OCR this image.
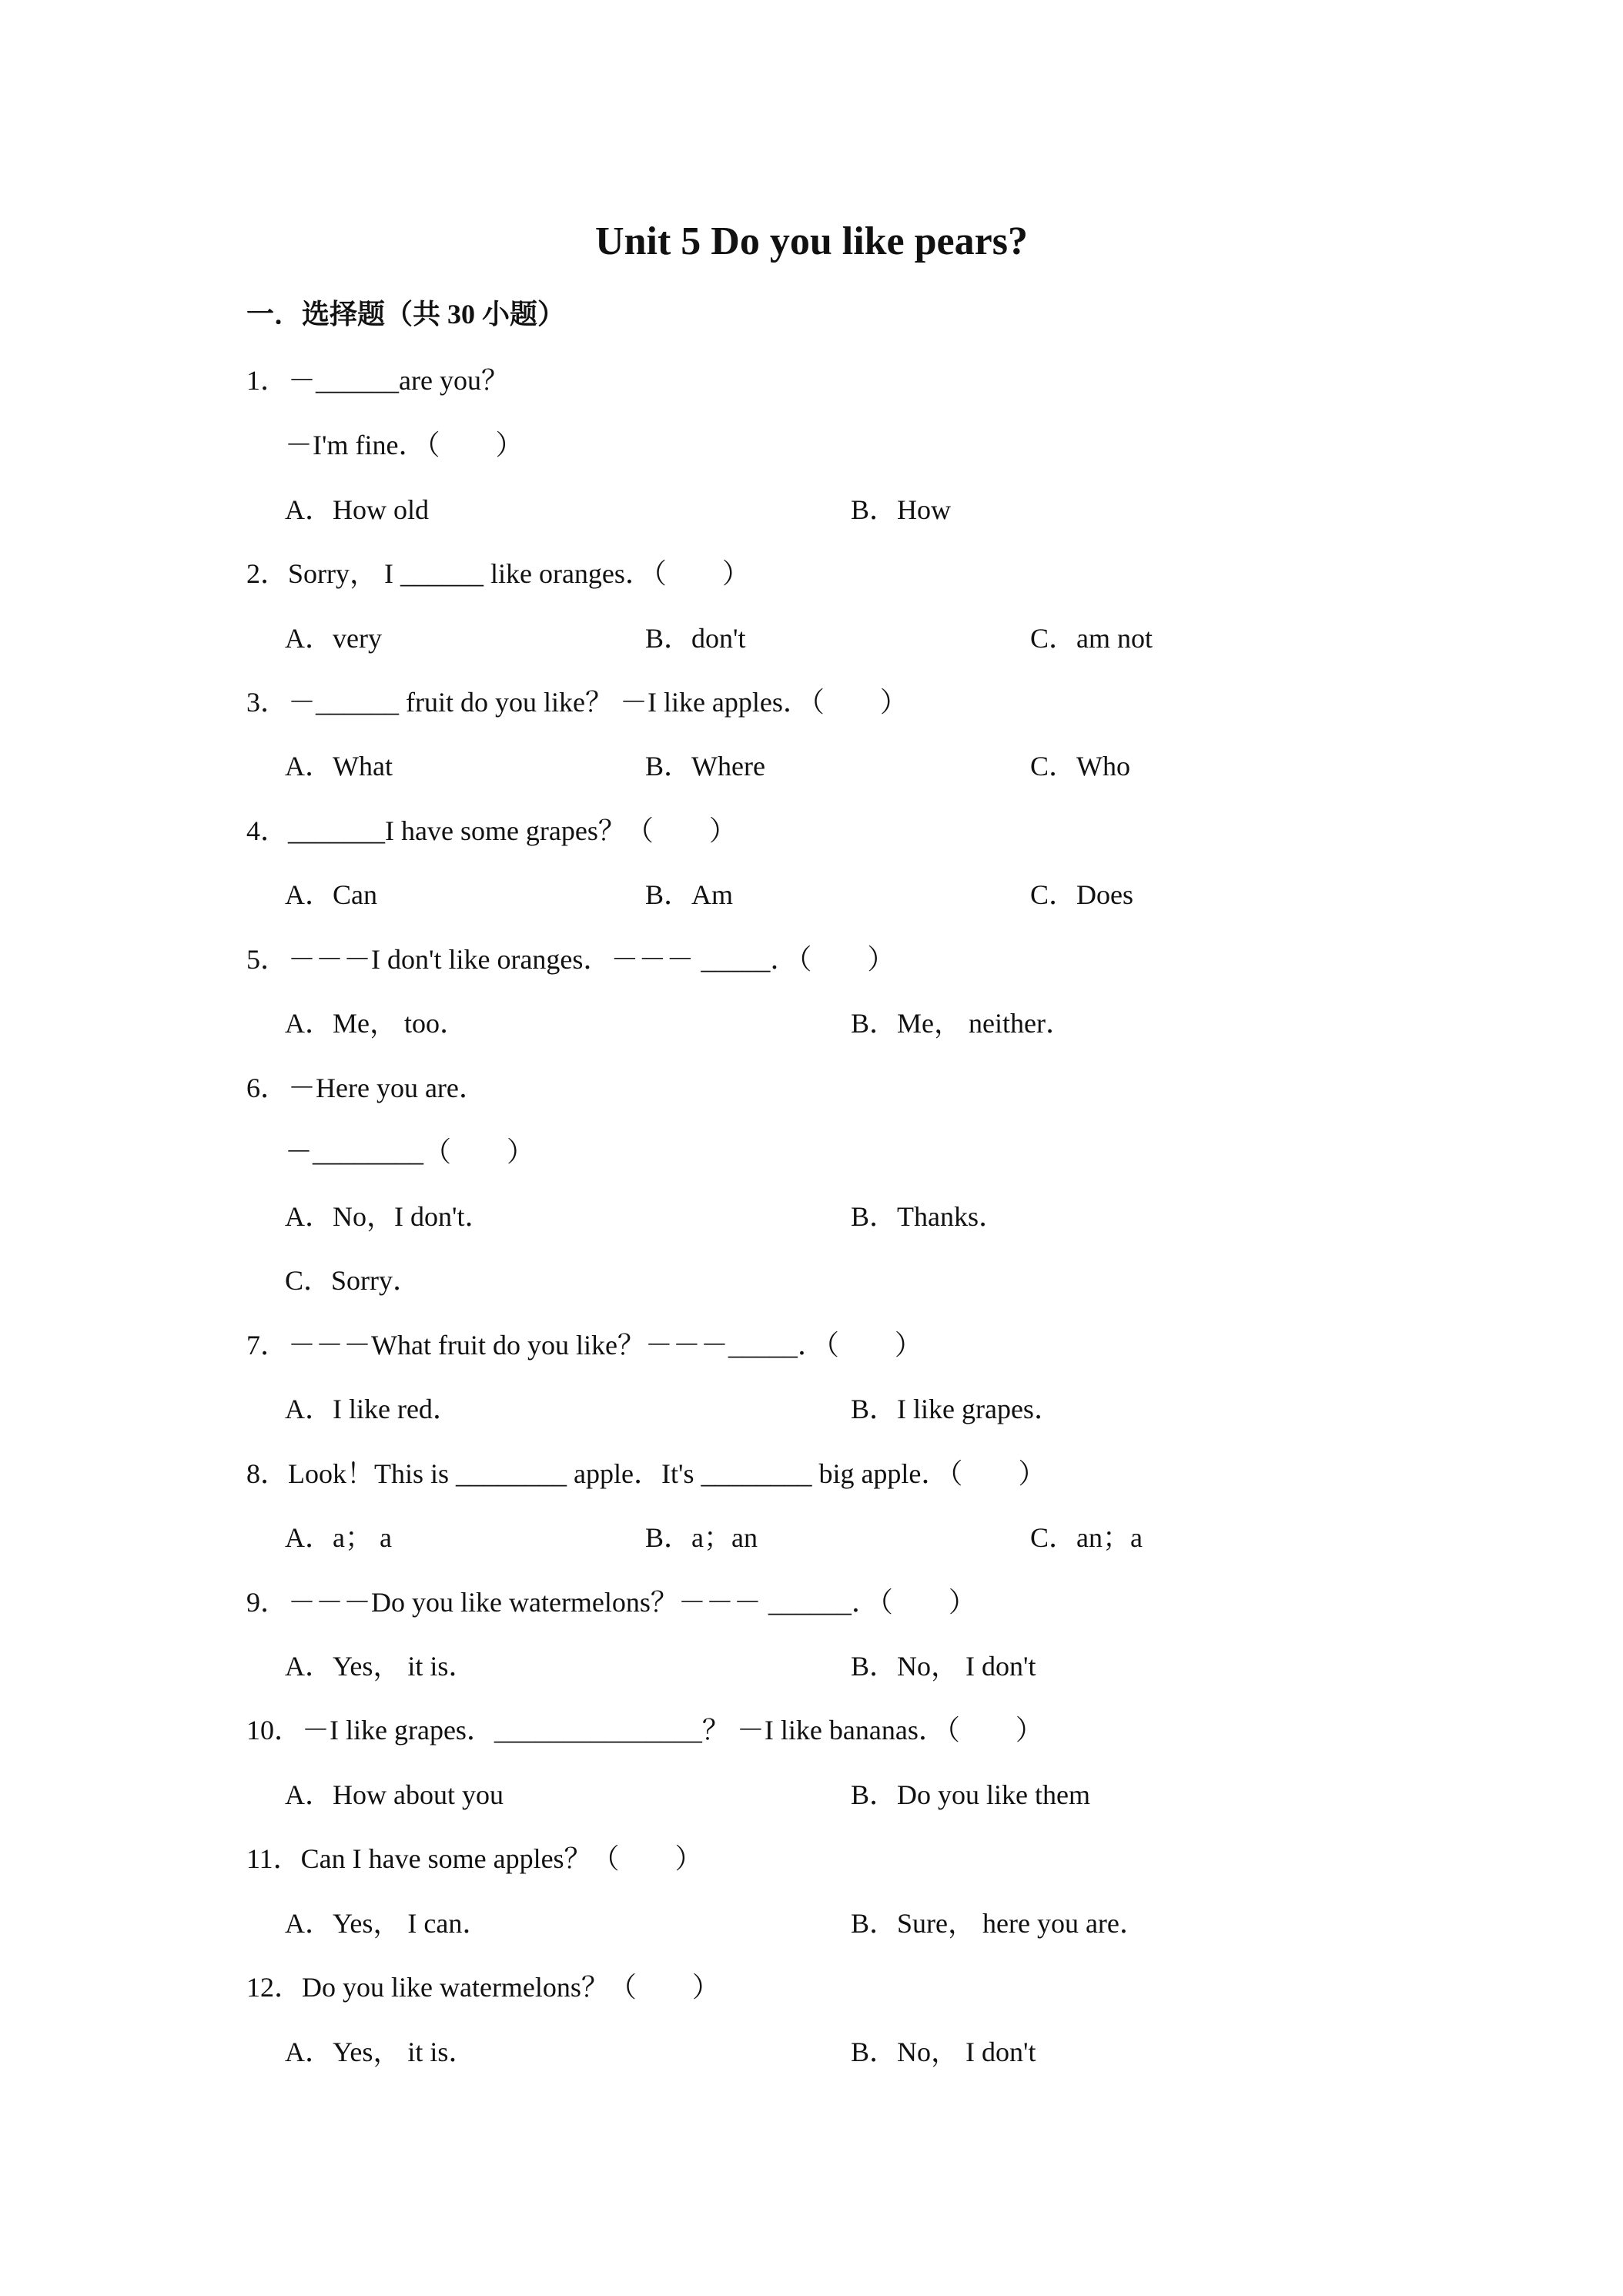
Unit 5 Do you like pears?
一．选择题（共 30 小题）
1．－______are you？
－I'm fine．（　　）
A．How old	B．How
2．Sorry， I ______ like oranges．（　　）
A．very	B．don't	C．am not
3．－______ fruit do you like？ －I like apples．（　　）
A．What	B．Where	C．Who
4．_______I have some grapes？（　　）
A．Can	B．Am	C．Does
5．－－－I don't like oranges．－－－ _____．（　　）
A．Me， too．	B．Me， neither．
6．－Here you are．
－________（　　）
A．No，I don't．	B．Thanks．
C．Sorry．
7．－－－What fruit do you like？－－－_____．（　　）
A．I like red．	B．I like grapes．
8．Look！This is ________ apple．It's ________ big apple．（　　）
A．a； a	B．a；an	C．an；a
9．－－－Do you like watermelons？－－－ ______．（　　）
A．Yes， it is．	B．No， I don't
10．－I like grapes．_______________？ －I like bananas．（　　）
A．How about you	B．Do you like them
11．Can I have some apples？（　　）
A．Yes， I can．	B．Sure， here you are．
12．Do you like watermelons？（　　）
A．Yes， it is．	B．No， I don't
